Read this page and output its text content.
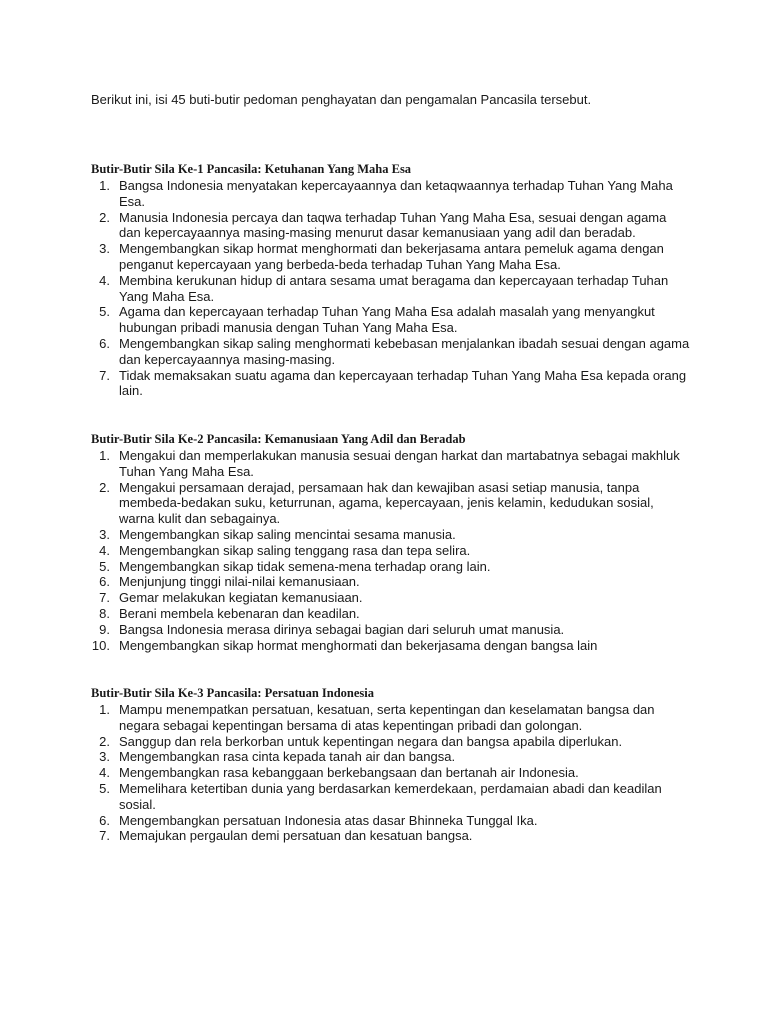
Berikut ini, isi 45 buti-butir pedoman penghayatan dan pengamalan Pancasila tersebut.

Butir-Butir Sila Ke-1 Pancasila: Ketuhanan Yang Maha Esa
1. Bangsa Indonesia menyatakan kepercayaannya dan ketaqwaannya terhadap Tuhan Yang Maha Esa.
2. Manusia Indonesia percaya dan taqwa terhadap Tuhan Yang Maha Esa, sesuai dengan agama dan kepercayaannya masing-masing menurut dasar kemanusiaan yang adil dan beradab.
3. Mengembangkan sikap hormat menghormati dan bekerjasama antara pemeluk agama dengan penganut kepercayaan yang berbeda-beda terhadap Tuhan Yang Maha Esa.
4. Membina kerukunan hidup di antara sesama umat beragama dan kepercayaan terhadap Tuhan Yang Maha Esa.
5. Agama dan kepercayaan terhadap Tuhan Yang Maha Esa adalah masalah yang menyangkut hubungan pribadi manusia dengan Tuhan Yang Maha Esa.
6. Mengembangkan sikap saling menghormati kebebasan menjalankan ibadah sesuai dengan agama dan kepercayaannya masing-masing.
7. Tidak memaksakan suatu agama dan kepercayaan terhadap Tuhan Yang Maha Esa kepada orang lain.
Butir-Butir Sila Ke-2 Pancasila: Kemanusiaan Yang Adil dan Beradab
1. Mengakui dan memperlakukan manusia sesuai dengan harkat dan martabatnya sebagai makhluk Tuhan Yang Maha Esa.
2. Mengakui persamaan derajad, persamaan hak dan kewajiban asasi setiap manusia, tanpa membeda-bedakan suku, keturrunan, agama, kepercayaan, jenis kelamin, kedudukan sosial, warna kulit dan sebagainya.
3. Mengembangkan sikap saling mencintai sesama manusia.
4. Mengembangkan sikap saling tenggang rasa dan tepa selira.
5. Mengembangkan sikap tidak semena-mena terhadap orang lain.
6. Menjunjung tinggi nilai-nilai kemanusiaan.
7. Gemar melakukan kegiatan kemanusiaan.
8. Berani membela kebenaran dan keadilan.
9. Bangsa Indonesia merasa dirinya sebagai bagian dari seluruh umat manusia.
10. Mengembangkan sikap hormat menghormati dan bekerjasama dengan bangsa lain
Butir-Butir Sila Ke-3 Pancasila: Persatuan Indonesia
1. Mampu menempatkan persatuan, kesatuan, serta kepentingan dan keselamatan bangsa dan negara sebagai kepentingan bersama di atas kepentingan pribadi dan golongan.
2. Sanggup dan rela berkorban untuk kepentingan negara dan bangsa apabila diperlukan.
3. Mengembangkan rasa cinta kepada tanah air dan bangsa.
4. Mengembangkan rasa kebanggaan berkebangsaan dan bertanah air Indonesia.
5. Memelihara ketertiban dunia yang berdasarkan kemerdekaan, perdamaian abadi dan keadilan sosial.
6. Mengembangkan persatuan Indonesia atas dasar Bhinneka Tunggal Ika.
7. Memajukan pergaulan demi persatuan dan kesatuan bangsa.
